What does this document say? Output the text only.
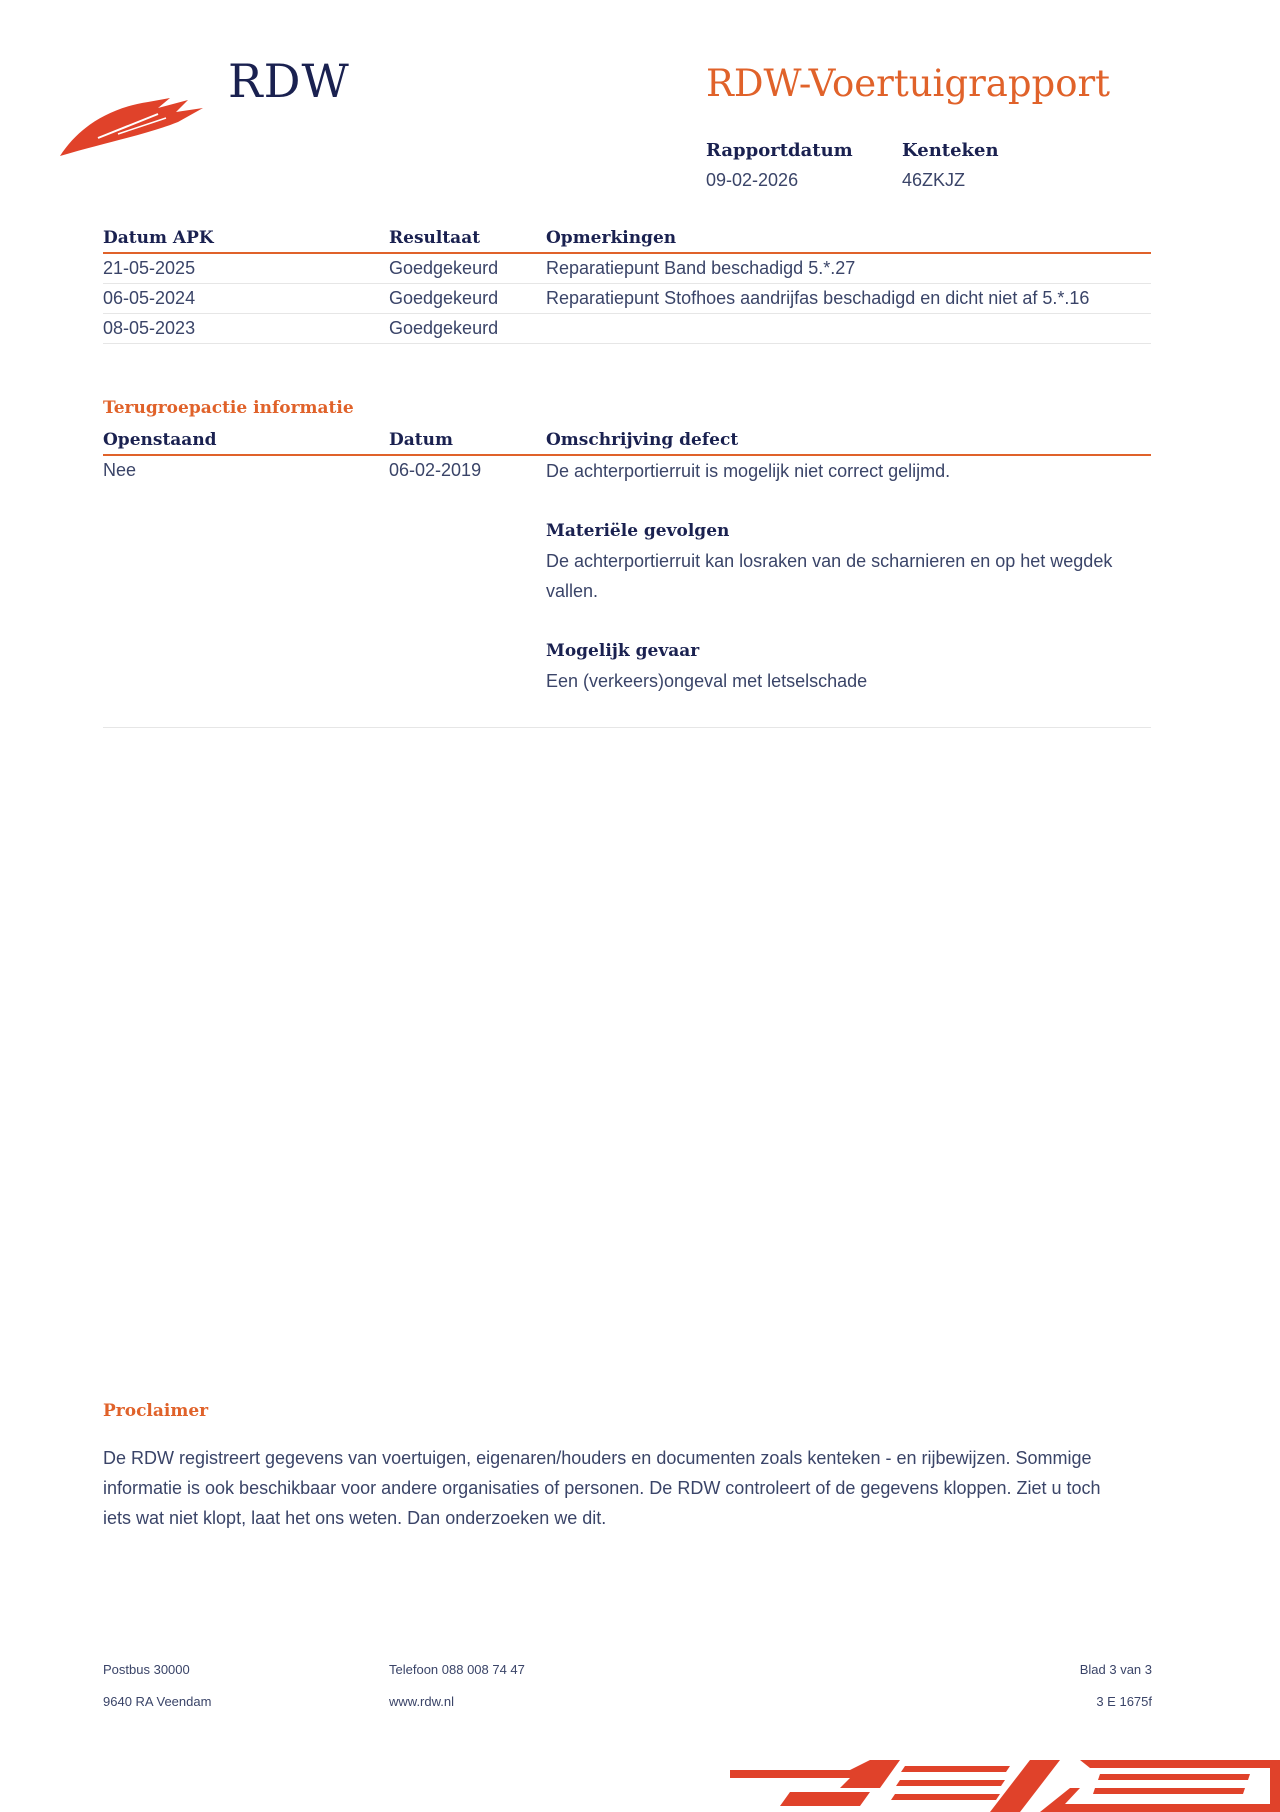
RDW	RDW-Voertuigrapport
Rapportdatum
09-02-2026
Kenteken
46ZKJZ
Datum APK	Resultaat	Opmerkingen
21-05-2025	Goedgekeurd	Reparatiepunt Band beschadigd 5.*.27
06-05-2024	Goedgekeurd	Reparatiepunt Stofhoes aandrijfas beschadigd en dicht niet af 5.*.16
08-05-2023	Goedgekeurd
Terugroepactie informatie
Openstaand	Datum	Omschrijving defect
Nee	06-02-2019	De achterportierruit is mogelijk niet correct gelijmd.
Materiële gevolgen
De achterportierruit kan losraken van de scharnieren en op het wegdek vallen.
Mogelijk gevaar
Een (verkeers)ongeval met letselschade
Proclaimer
De RDW registreert gegevens van voertuigen, eigenaren/houders en documenten zoals kenteken - en rijbewijzen. Sommige informatie is ook beschikbaar voor andere organisaties of personen. De RDW controleert of de gegevens kloppen. Ziet u toch iets wat niet klopt, laat het ons weten. Dan onderzoeken we dit.
Postbus 30000
9640 RA Veendam
Telefoon 088 008 74 47
www.rdw.nl
Blad 3 van 3
3 E 1675f
